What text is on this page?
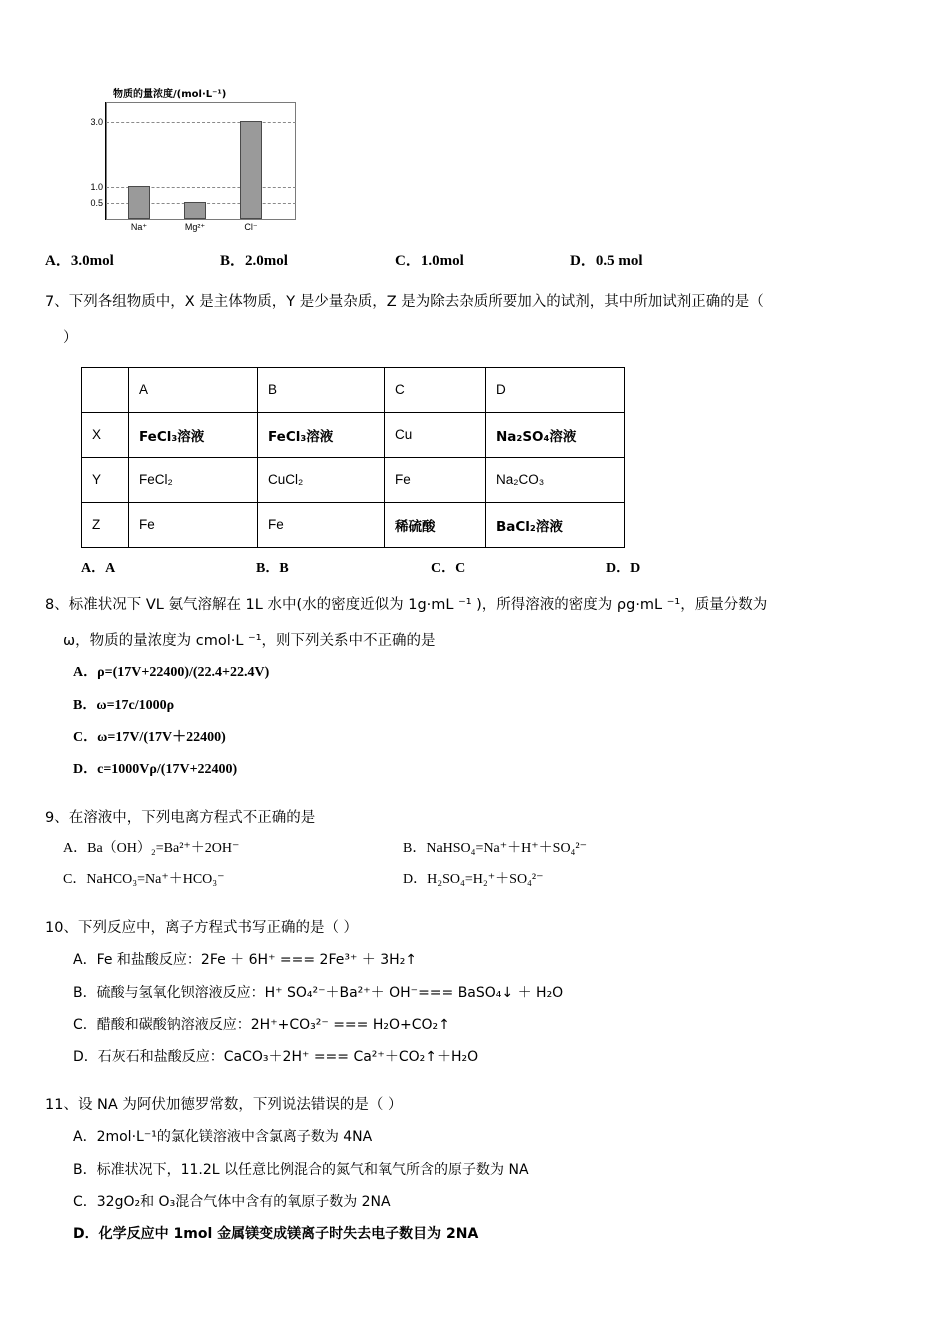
物质的量浓度/(mol·L⁻¹)
3.0
1.0
0.5
Na⁺	Mg²⁺	Cl⁻
A．3.0mol	B．2.0mol	C．1.0mol	D．0.5 mol
7、下列各组物质中，X 是主体物质，Y 是少量杂质，Z 是为除去杂质所要加入的试剂，其中所加试剂正确的是（
）
	A	B	C	D
X	FeCl₃溶液	FeCl₃溶液	Cu	Na₂SO₄溶液
Y	FeCl₂	CuCl₂	Fe	Na₂CO₃
Z	Fe	Fe	稀硫酸	BaCl₂溶液
A．A	B．B	C．C	D．D
8、标准状况下 VL 氨气溶解在 1L 水中(水的密度近似为 1g·mL ⁻¹ )，所得溶液的密度为 ρg·mL ⁻¹，质量分数为
ω，物质的量浓度为 cmol·L ⁻¹，则下列关系中不正确的是
A．ρ=(17V+22400)/(22.4+22.4V)
B．ω=17c/1000ρ
C．ω=17V/(17V＋22400)
D．c=1000Vρ/(17V+22400)
9、在溶液中，下列电离方程式不正确的是
A．Ba（OH）₂=Ba²⁺＋2OH⁻	B．NaHSO₄=Na⁺＋H⁺＋SO₄²⁻
C．NaHCO₃=Na⁺＋HCO₃⁻	D．H₂SO₄=H₂⁺＋SO₄²⁻
10、下列反应中，离子方程式书写正确的是（ ）
A．Fe 和盐酸反应：2Fe ＋ 6H⁺ === 2Fe³⁺ ＋ 3H₂↑
B．硫酸与氢氧化钡溶液反应：H⁺ SO₄²⁻＋Ba²⁺＋ OH⁻=== BaSO₄↓ ＋ H₂O
C．醋酸和碳酸钠溶液反应：2H⁺+CO₃²⁻ === H₂O+CO₂↑
D．石灰石和盐酸反应：CaCO₃＋2H⁺ === Ca²⁺＋CO₂↑＋H₂O
11、设 NA 为阿伏加德罗常数，下列说法错误的是（ ）
A．2mol·L⁻¹的氯化镁溶液中含氯离子数为 4NA
B．标准状况下，11.2L 以任意比例混合的氮气和氧气所含的原子数为 NA
C．32gO₂和 O₃混合气体中含有的氧原子数为 2NA
D．化学反应中 1mol 金属镁变成镁离子时失去电子数目为 2NA
